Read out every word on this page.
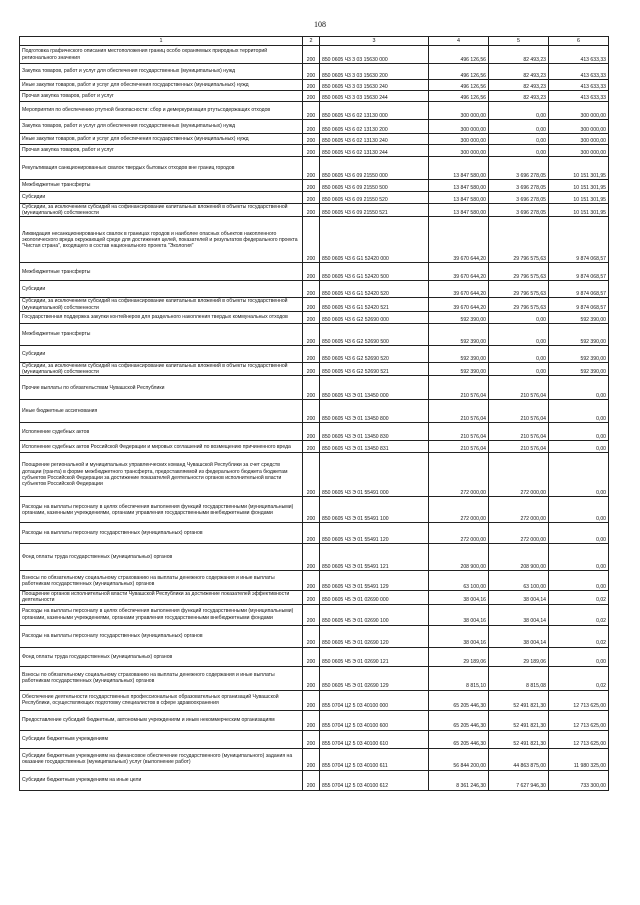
108
1	2	3	4	5	6
Подготовка графического описания местоположения границ особо охраняемых природных территорий регионального значения	200	850 0605 Ч3 3 03 15630 000	496 126,56	82 493,23	413 633,33
Закупка товаров, работ и услуг для обеспечения государственных (муниципальных) нужд	200	850 0605 Ч3 3 03 15630 200	496 126,56	82 493,23	413 633,33
Иные закупки товаров, работ и услуг для обеспечения государственных (муниципальных) нужд	200	850 0605 Ч3 3 03 15630 240	496 126,56	82 493,23	413 633,33
Прочая закупка товаров, работ и услуг	200	850 0605 Ч3 3 03 15630 244	496 126,56	82 493,23	413 633,33
Мероприятия по обеспечению ртутной безопасности: сбор и демеркуризация ртутьсодержащих отходов	200	850 0605 Ч3 6 02 13130 000	300 000,00	0,00	300 000,00
Закупка товаров, работ и услуг для обеспечения государственных (муниципальных) нужд	200	850 0605 Ч3 6 02 13130 200	300 000,00	0,00	300 000,00
Иные закупки товаров, работ и услуг для обеспечения государственных (муниципальных) нужд	200	850 0605 Ч3 6 02 13130 240	300 000,00	0,00	300 000,00
Прочая закупка товаров, работ и услуг	200	850 0605 Ч3 6 02 13130 244	300 000,00	0,00	300 000,00
Рекультивация санкционированных свалок твердых бытовых отходов вне границ городов	200	850 0605 Ч3 6 09 21550 000	13 847 580,00	3 696 278,05	10 151 301,95
Межбюджетные трансферты	200	850 0605 Ч3 6 09 21550 500	13 847 580,00	3 696 278,05	10 151 301,95
Субсидии	200	850 0605 Ч3 6 09 21550 520	13 847 580,00	3 696 278,05	10 151 301,95
Субсидии, за исключением субсидий на софинансирование капитальных вложений в объекты государственной (муниципальной) собственности	200	850 0605 Ч3 6 09 21550 521	13 847 580,00	3 696 278,05	10 151 301,95
Ликвидация несанкционированных свалок в границах городов и наиболее опасных объектов накопленного экологического вреда окружающей среде для достижения целей, показателей и результатов федерального проекта "Чистая страна", входящего в состав национального проекта "Экология"	200	850 0605 Ч3 6 G1 52420 000	39 670 644,20	29 796 575,63	9 874 068,57
Межбюджетные трансферты	200	850 0605 Ч3 6 G1 52420 500	39 670 644,20	29 796 575,63	9 874 068,57
Субсидии	200	850 0605 Ч3 6 G1 52420 520	39 670 644,20	29 796 575,63	9 874 068,57
Субсидии, за исключением субсидий на софинансирование капитальных вложений в объекты государственной (муниципальной) собственности	200	850 0605 Ч3 6 G1 52420 521	39 670 644,20	29 796 575,63	9 874 068,57
Государственная поддержка закупки контейнеров для раздельного накопления твердых коммунальных отходов	200	850 0605 Ч3 6 G2 52690 000	592 390,00	0,00	592 390,00
Межбюджетные трансферты	200	850 0605 Ч3 6 G2 52690 500	592 390,00	0,00	592 390,00
Субсидии	200	850 0605 Ч3 6 G2 52690 520	592 390,00	0,00	592 390,00
Субсидии, за исключением субсидий на софинансирование капитальных вложений в объекты государственной (муниципальной) собственности	200	850 0605 Ч3 6 G2 52690 521	592 390,00	0,00	592 390,00
Прочие выплаты по обязательствам Чувашской Республики	200	850 0605 Ч3 Э 01 13450 000	210 576,04	210 576,04	0,00
Иные бюджетные ассигнования	200	850 0605 Ч3 Э 01 13450 800	210 576,04	210 576,04	0,00
Исполнение судебных актов	200	850 0605 Ч3 Э 01 13450 830	210 576,04	210 576,04	0,00
Исполнение судебных актов Российской Федерации и мировых соглашений по возмещению причиненного вреда	200	850 0605 Ч3 Э 01 13450 831	210 576,04	210 576,04	0,00
Поощрение региональной и муниципальных управленческих команд Чувашской Республики за счет средств дотации (гранта) в форме межбюджетного трансферта, предоставляемой из федерального бюджета бюджетам субъектов Российской Федерации за достижение показателей деятельности органов исполнительной власти субъектов Российской Федерации	200	850 0605 Ч3 Э 01 55491 000	272 000,00	272 000,00	0,00
Расходы на выплаты персоналу в целях обеспечения выполнения функций государственными (муниципальными) органами, казенными учреждениями, органами управления государственными внебюджетными фондами	200	850 0605 Ч3 Э 01 55491 100	272 000,00	272 000,00	0,00
Расходы на выплаты персоналу государственных (муниципальных) органов	200	850 0605 Ч3 Э 01 55491 120	272 000,00	272 000,00	0,00
Фонд оплаты труда государственных (муниципальных) органов	200	850 0605 Ч3 Э 01 55491 121	208 900,00	208 900,00	0,00
Взносы по обязательному социальному страхованию на выплаты денежного содержания и иные выплаты работникам государственных (муниципальных) органов	200	850 0605 Ч3 Э 01 55491 129	63 100,00	63 100,00	0,00
Поощрение органов исполнительной власти Чувашской Республики за достижение показателей эффективности деятельности	200	850 0605 Ч5 Э 01 02690 000	38 004,16	38 004,14	0,02
Расходы на выплаты персоналу в целях обеспечения выполнения функций государственными (муниципальными) органами, казенными учреждениями, органами управления государственными внебюджетными фондами	200	850 0605 Ч5 Э 01 02690 100	38 004,16	38 004,14	0,02
Расходы на выплаты персоналу государственных (муниципальных) органов	200	850 0605 Ч5 Э 01 02690 120	38 004,16	38 004,14	0,02
Фонд оплаты труда государственных (муниципальных) органов	200	850 0605 Ч5 Э 01 02690 121	29 189,06	29 189,06	0,00
Взносы по обязательному социальному страхованию на выплаты денежного содержания и иные выплаты работникам государственных (муниципальных) органов	200	850 0605 Ч5 Э 01 02690 129	8 815,10	8 815,08	0,02
Обеспечение деятельности государственных профессиональных образовательных организаций Чувашской Республики, осуществляющих подготовку специалистов в сфере здравоохранения	200	855 0704 Ц2 5 03 40100 000	65 205 446,30	52 491 821,30	12 713 625,00
Предоставление субсидий бюджетным, автономным учреждениям и иным некоммерческим организациям	200	855 0704 Ц2 5 03 40100 600	65 205 446,30	52 491 821,30	12 713 625,00
Субсидии бюджетным учреждениям	200	855 0704 Ц2 5 03 40100 610	65 205 446,30	52 491 821,30	12 713 625,00
Субсидии бюджетным учреждениям на финансовое обеспечение государственного (муниципального) задания на оказание государственных (муниципальных) услуг (выполнение работ)	200	855 0704 Ц2 5 03 40100 611	56 844 200,00	44 863 875,00	11 980 325,00
Субсидии бюджетным учреждениям на иные цели	200	855 0704 Ц2 5 03 40100 612	8 361 246,30	7 627 946,30	733 300,00
